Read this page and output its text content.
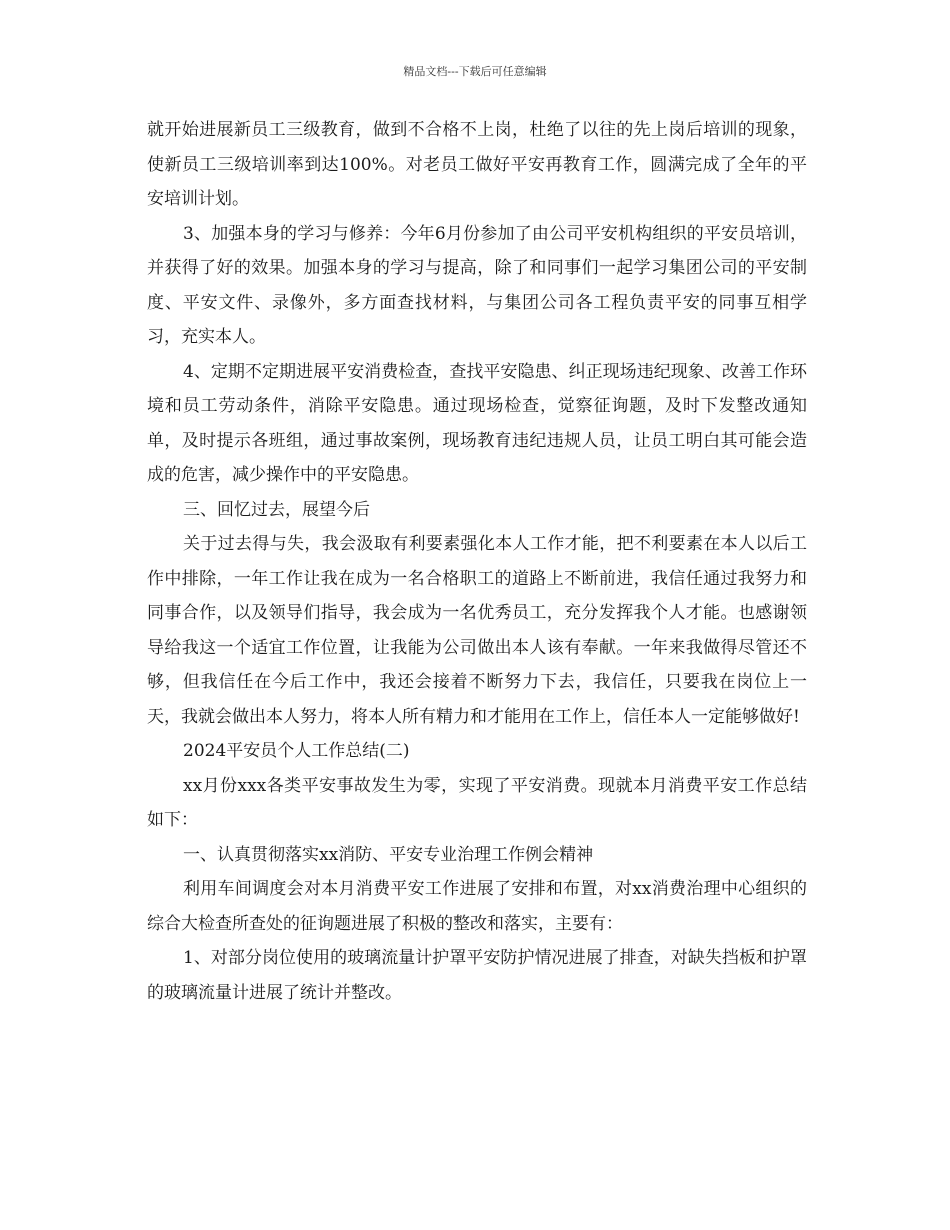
精品文档---下载后可任意编辑

就开始进展新员工三级教育，做到不合格不上岗，杜绝了以往的先上岗后培训的现象，使新员工三级培训率到达100%。对老员工做好平安再教育工作，圆满完成了全年的平安培训计划。

3、加强本身的学习与修养：今年6月份参加了由公司平安机构组织的平安员培训，并获得了好的效果。加强本身的学习与提高，除了和同事们一起学习集团公司的平安制度、平安文件、录像外，多方面查找材料，与集团公司各工程负责平安的同事互相学习，充实本人。

4、定期不定期进展平安消费检查，查找平安隐患、纠正现场违纪现象、改善工作环境和员工劳动条件，消除平安隐患。通过现场检查，觉察征询题，及时下发整改通知单，及时提示各班组，通过事故案例，现场教育违纪违规人员，让员工明白其可能会造成的危害，减少操作中的平安隐患。

三、回忆过去，展望今后

关于过去得与失，我会汲取有利要素强化本人工作才能，把不利要素在本人以后工作中排除，一年工作让我在成为一名合格职工的道路上不断前进，我信任通过我努力和同事合作，以及领导们指导，我会成为一名优秀员工，充分发挥我个人才能。也感谢领导给我这一个适宜工作位置，让我能为公司做出本人该有奉献。一年来我做得尽管还不够，但我信任在今后工作中，我还会接着不断努力下去，我信任，只要我在岗位上一天，我就会做出本人努力，将本人所有精力和才能用在工作上，信任本人一定能够做好!

2024平安员个人工作总结(二)

xx月份xxx各类平安事故发生为零，实现了平安消费。现就本月消费平安工作总结如下：

一、认真贯彻落实xx消防、平安专业治理工作例会精神

利用车间调度会对本月消费平安工作进展了安排和布置，对xx消费治理中心组织的综合大检查所查处的征询题进展了积极的整改和落实，主要有：

1、对部分岗位使用的玻璃流量计护罩平安防护情况进展了排查，对缺失挡板和护罩的玻璃流量计进展了统计并整改。
